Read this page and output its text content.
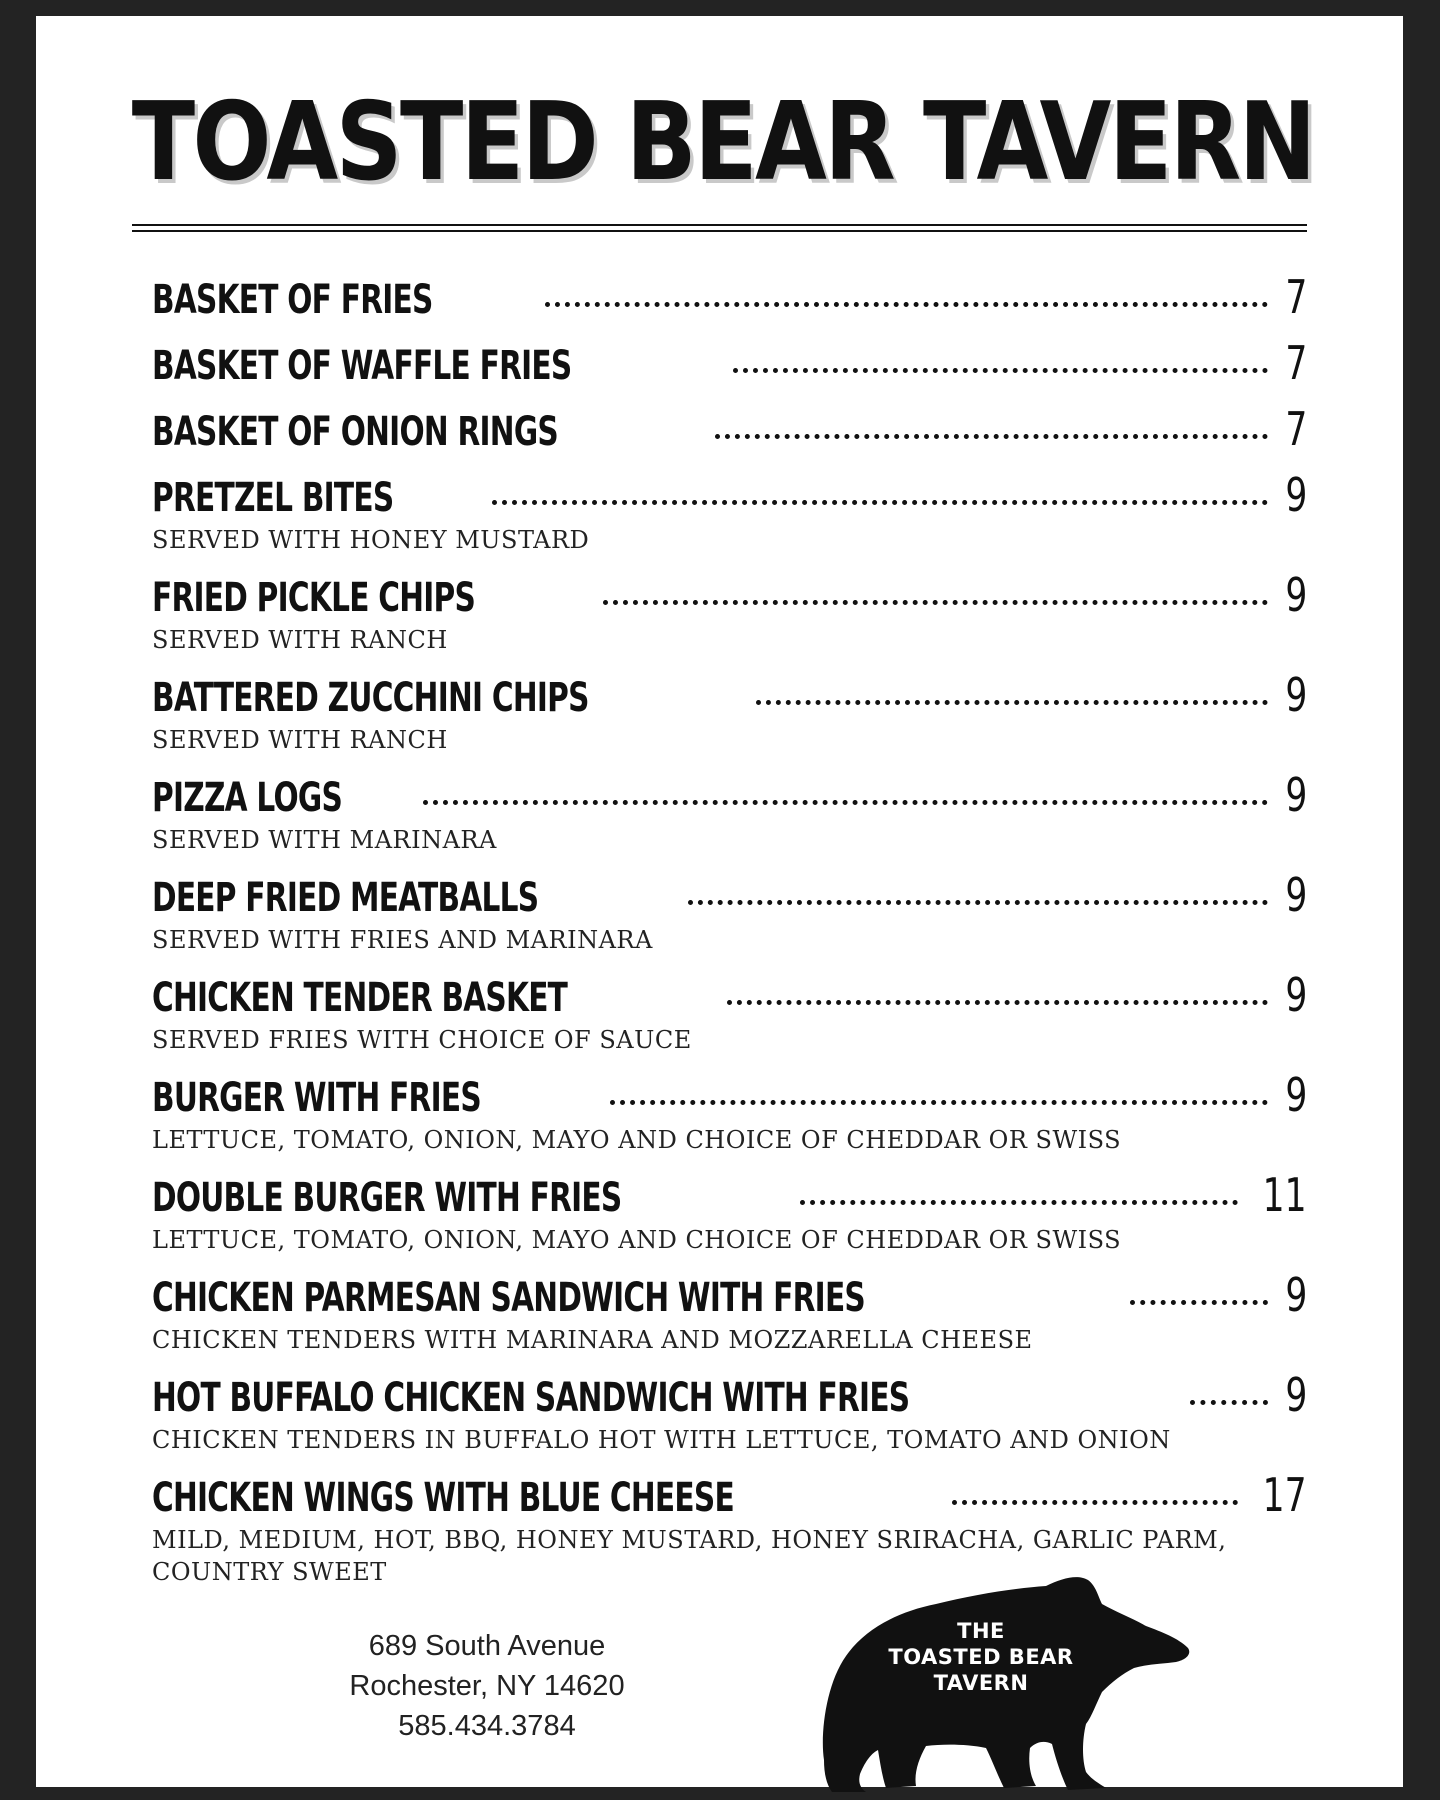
TOASTED BEAR TAVERN
BASKET OF FRIES	7
BASKET OF WAFFLE FRIES	7
BASKET OF ONION RINGS	7
PRETZEL BITES	9
SERVED WITH HONEY MUSTARD
FRIED PICKLE CHIPS	9
SERVED WITH RANCH
BATTERED ZUCCHINI CHIPS	9
SERVED WITH RANCH
PIZZA LOGS	9
SERVED WITH MARINARA
DEEP FRIED MEATBALLS	9
SERVED WITH FRIES AND MARINARA
CHICKEN TENDER BASKET	9
SERVED FRIES WITH CHOICE OF SAUCE
BURGER WITH FRIES	9
LETTUCE, TOMATO, ONION, MAYO AND CHOICE OF CHEDDAR OR SWISS
DOUBLE BURGER WITH FRIES	11
LETTUCE, TOMATO, ONION, MAYO AND CHOICE OF CHEDDAR OR SWISS
CHICKEN PARMESAN SANDWICH WITH FRIES	9
CHICKEN TENDERS WITH MARINARA AND MOZZARELLA CHEESE
HOT BUFFALO CHICKEN SANDWICH WITH FRIES	9
CHICKEN TENDERS IN BUFFALO HOT WITH LETTUCE, TOMATO AND ONION
CHICKEN WINGS WITH BLUE CHEESE	17
MILD, MEDIUM, HOT, BBQ, HONEY MUSTARD, HONEY SRIRACHA, GARLIC PARM, COUNTRY SWEET
689 South Avenue
Rochester, NY 14620
585.434.3784
THE
TOASTED BEAR
TAVERN
